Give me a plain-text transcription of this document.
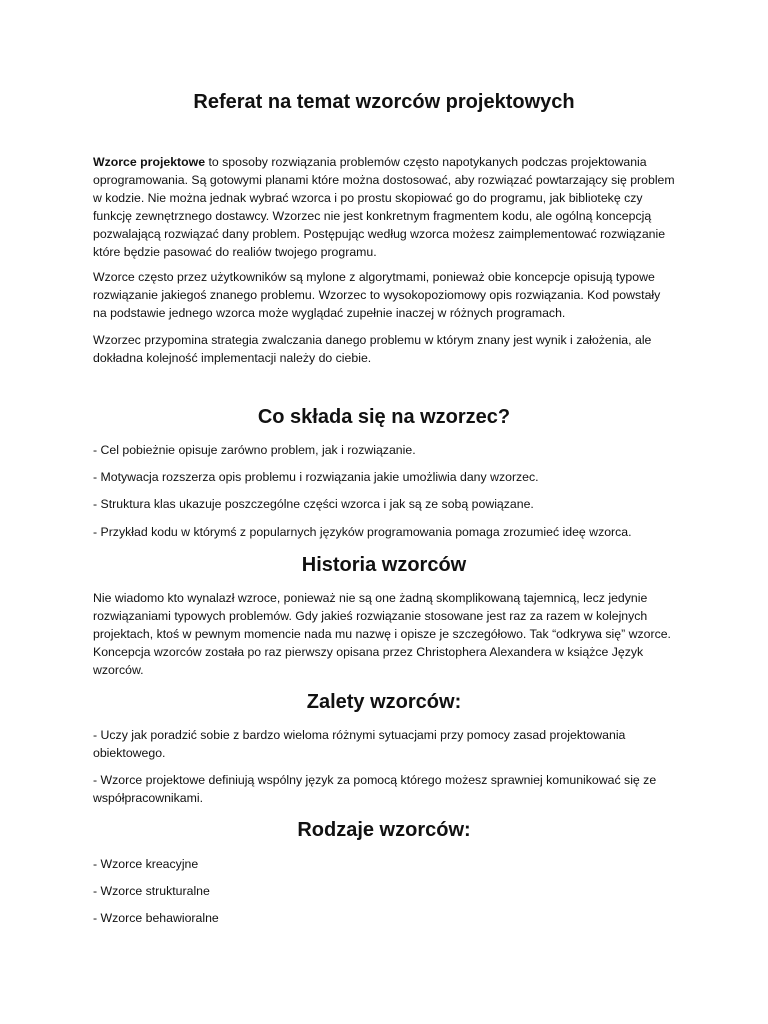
Referat na temat wzorców projektowych

Wzorce projektowe to sposoby rozwiązania problemów często napotykanych podczas projektowania oprogramowania. Są gotowymi planami które można dostosować, aby rozwiązać powtarzający się problem w kodzie. Nie można jednak wybrać wzorca i po prostu skopiować go do programu, jak bibliotekę czy funkcję zewnętrznego dostawcy. Wzorzec nie jest konkretnym fragmentem kodu, ale ogólną koncepcją pozwalającą rozwiązać dany problem. Postępując według wzorca możesz zaimplementować rozwiązanie które będzie pasować do realiów twojego programu.

Wzorce często przez użytkowników są mylone z algorytmami, ponieważ obie koncepcje opisują typowe rozwiązanie jakiegoś znanego problemu. Wzorzec to wysokopoziomowy opis rozwiązania. Kod powstały na podstawie jednego wzorca może wyglądać zupełnie inaczej w różnych programach.

Wzorzec przypomina strategia zwalczania danego problemu w którym znany jest wynik i założenia, ale dokładna kolejność implementacji należy do ciebie.

Co składa się na wzorzec?

- Cel pobieżnie opisuje zarówno problem, jak i rozwiązanie.

- Motywacja rozszerza opis problemu i rozwiązania jakie umożliwia dany wzorzec.

- Struktura klas ukazuje poszczególne części wzorca i jak są ze sobą powiązane.

- Przykład kodu w którymś z popularnych języków programowania pomaga zrozumieć ideę wzorca.

Historia wzorców

Nie wiadomo kto wynalazł wzroce, ponieważ nie są one żadną skomplikowaną tajemnicą, lecz jedynie rozwiązaniami typowych problemów. Gdy jakieś rozwiązanie stosowane jest raz za razem w kolejnych projektach, ktoś w pewnym momencie nada mu nazwę i opisze je szczegółowo. Tak “odkrywa się” wzorce. Koncepcja wzorców została po raz pierwszy opisana przez Christophera Alexandera w książce Język wzorców.

Zalety wzorców:

- Uczy jak poradzić sobie z bardzo wieloma różnymi sytuacjami przy pomocy zasad projektowania obiektowego.

- Wzorce projektowe definiują wspólny język za pomocą którego możesz sprawniej komunikować się ze współpracownikami.

Rodzaje wzorców:

- Wzorce kreacyjne

- Wzorce strukturalne

- Wzorce behawioralne
